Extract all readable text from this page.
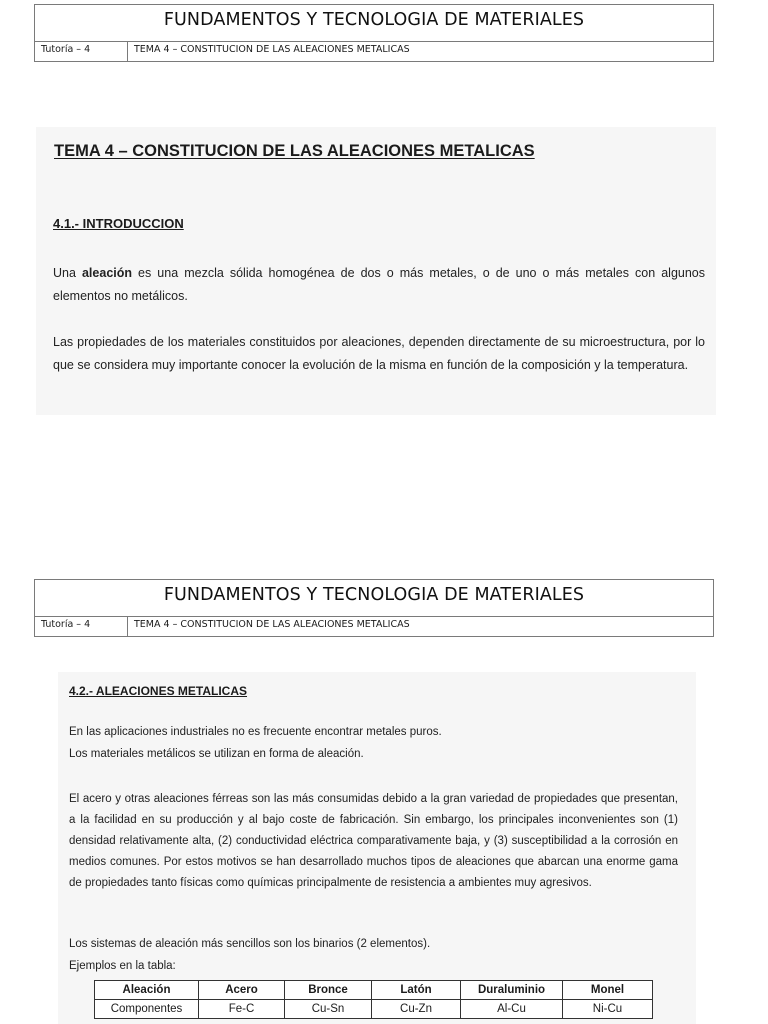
FUNDAMENTOS Y TECNOLOGIA DE MATERIALES
Tutoría – 4	TEMA 4 – CONSTITUCION DE LAS ALEACIONES METALICAS
TEMA 4 – CONSTITUCION DE LAS ALEACIONES METALICAS
4.1.- INTRODUCCION

Una aleación es una mezcla sólida homogénea de dos o más metales, o de uno o más metales con algunos elementos no metálicos.

Las propiedades de los materiales constituidos por aleaciones, dependen directamente de su microestructura, por lo que se considera muy importante conocer la evolución de la misma en función de la composición y la temperatura.

FUNDAMENTOS Y TECNOLOGIA DE MATERIALES
Tutoría – 4	TEMA 4 – CONSTITUCION DE LAS ALEACIONES METALICAS
4.2.- ALEACIONES METALICAS

En las aplicaciones industriales no es frecuente encontrar metales puros.

Los materiales metálicos se utilizan en forma de aleación.

El acero y otras aleaciones férreas son las más consumidas debido a la gran variedad de propiedades que presentan, a la facilidad en su producción y al bajo coste de fabricación. Sin embargo, los principales inconvenientes son (1) densidad relativamente alta, (2) conductividad eléctrica comparativamente baja, y (3) susceptibilidad a la corrosión en medios comunes. Por estos motivos se han desarrollado muchos tipos de aleaciones que abarcan una enorme gama de propiedades tanto físicas como químicas principalmente de resistencia a ambientes muy agresivos.

Los sistemas de aleación más sencillos son los binarios (2 elementos).

Ejemplos en la tabla:

Aleación	Acero	Bronce	Latón	Duraluminio	Monel
Componentes	Fe-C	Cu-Sn	Cu-Zn	Al-Cu	Ni-Cu
